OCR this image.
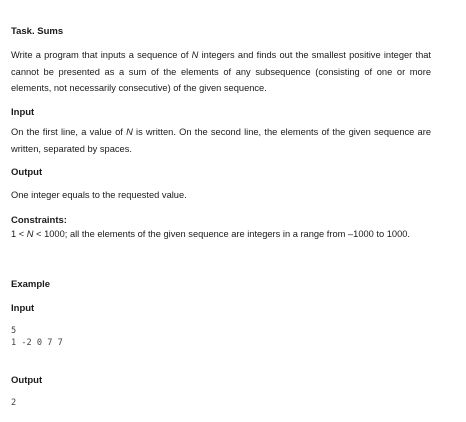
Task. Sums

Write a program that inputs a sequence of N integers and finds out the smallest positive integer that cannot be presented as a sum of the elements of any subsequence (consisting of one or more elements, not necessarily consecutive) of the given sequence.

Input

On the first line, a value of N is written. On the second line, the elements of the given sequence are written, separated by spaces.

Output

One integer equals to the requested value.

Constraints:

1 < N < 1000; all the elements of the given sequence are integers in a range from –1000 to 1000.

Example
Input
5
1 -2 0 7 7
Output
2
